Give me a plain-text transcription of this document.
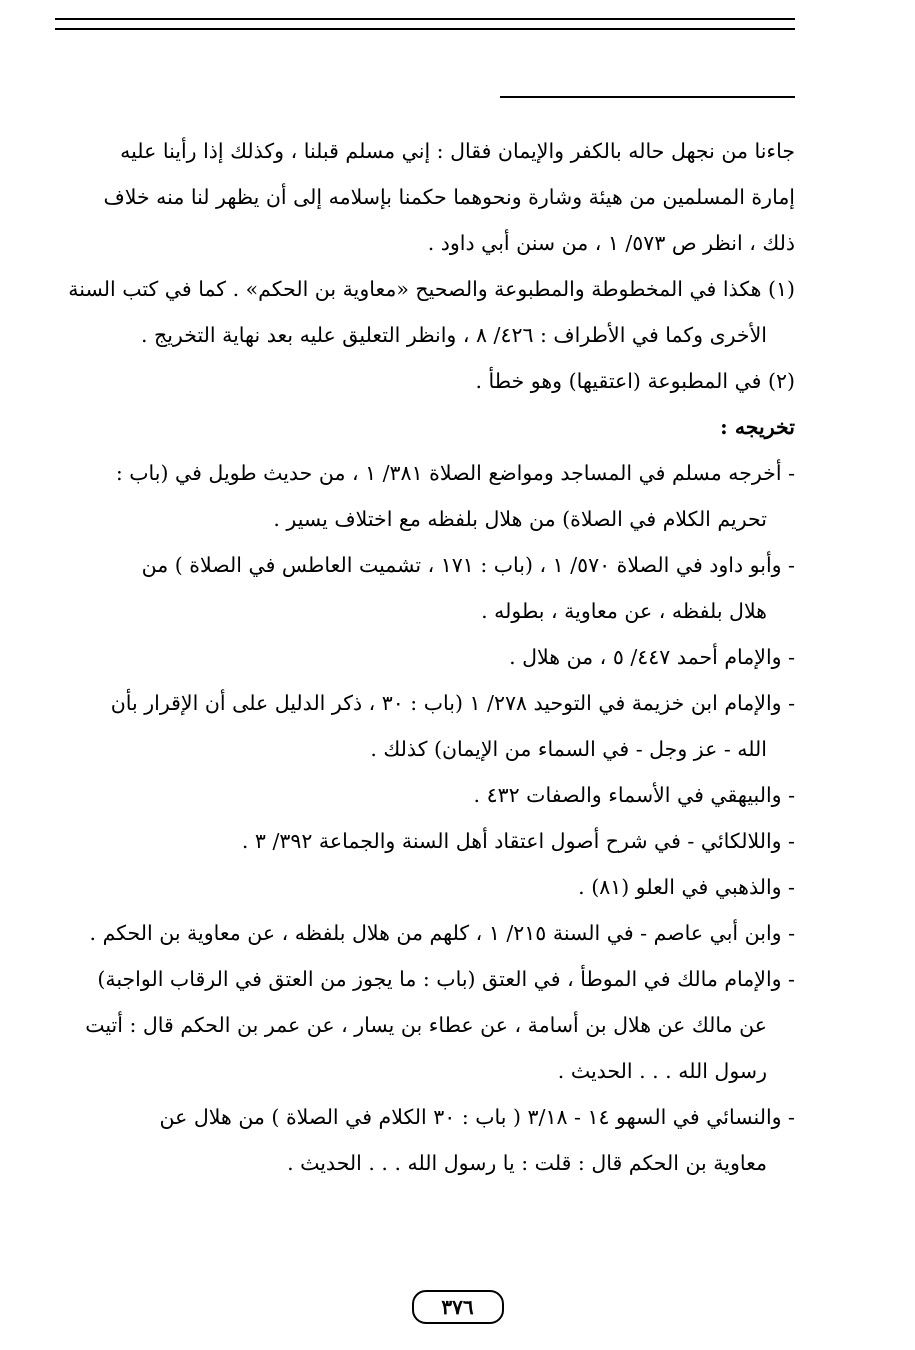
جاءنا من نجهل حاله بالكفر والإيمان فقال : إني مسلم قبلنا ، وكذلك إذا رأينا عليه
إمارة المسلمين من هيئة وشارة ونحوهما حكمنا بإسلامه إلى أن يظهر لنا منه خلاف
ذلك ، انظر ص ٥٧٣/ ١ ، من سنن أبي داود .
(١) هكذا في المخطوطة والمطبوعة والصحيح «معاوية بن الحكم» . كما في كتب السنة
الأخرى وكما في الأطراف : ٤٢٦/ ٨ ، وانظر التعليق عليه بعد نهاية التخريج .
(٢) في المطبوعة (اعتقيها) وهو خطأ .
تخريجه :
- أخرجه مسلم في المساجد ومواضع الصلاة ٣٨١/ ١ ، من حديث طويل في (باب :
تحريم الكلام في الصلاة) من هلال بلفظه مع اختلاف يسير .
- وأبو داود في الصلاة ٥٧٠/ ١ ، (باب : ١٧١ ، تشميت العاطس في الصلاة ) من
هلال بلفظه ، عن معاوية ، بطوله .
- والإمام أحمد ٤٤٧/ ٥ ، من هلال .
- والإمام ابن خزيمة في التوحيد ٢٧٨/ ١ (باب : ٣٠ ، ذكر الدليل على أن الإقرار بأن
الله - عز وجل - في السماء من الإيمان) كذلك .
- والبيهقي في الأسماء والصفات ٤٣٢ .
- واللالكائي - في شرح أصول اعتقاد أهل السنة والجماعة ٣٩٢/ ٣ .
- والذهبي في العلو (٨١) .
- وابن أبي عاصم - في السنة ٢١٥/ ١ ، كلهم من هلال بلفظه ، عن معاوية بن الحكم .
- والإمام مالك في الموطأ ، في العتق (باب : ما يجوز من العتق في الرقاب الواجبة)
عن مالك عن هلال بن أسامة ، عن عطاء بن يسار ، عن عمر بن الحكم قال : أتيت
رسول الله . . . الحديث .
- والنسائي في السهو ١٤ - ٣/١٨ ( باب : ٣٠ الكلام في الصلاة ) من هلال عن
معاوية بن الحكم قال : قلت : يا رسول الله . . . الحديث .
٣٧٦
